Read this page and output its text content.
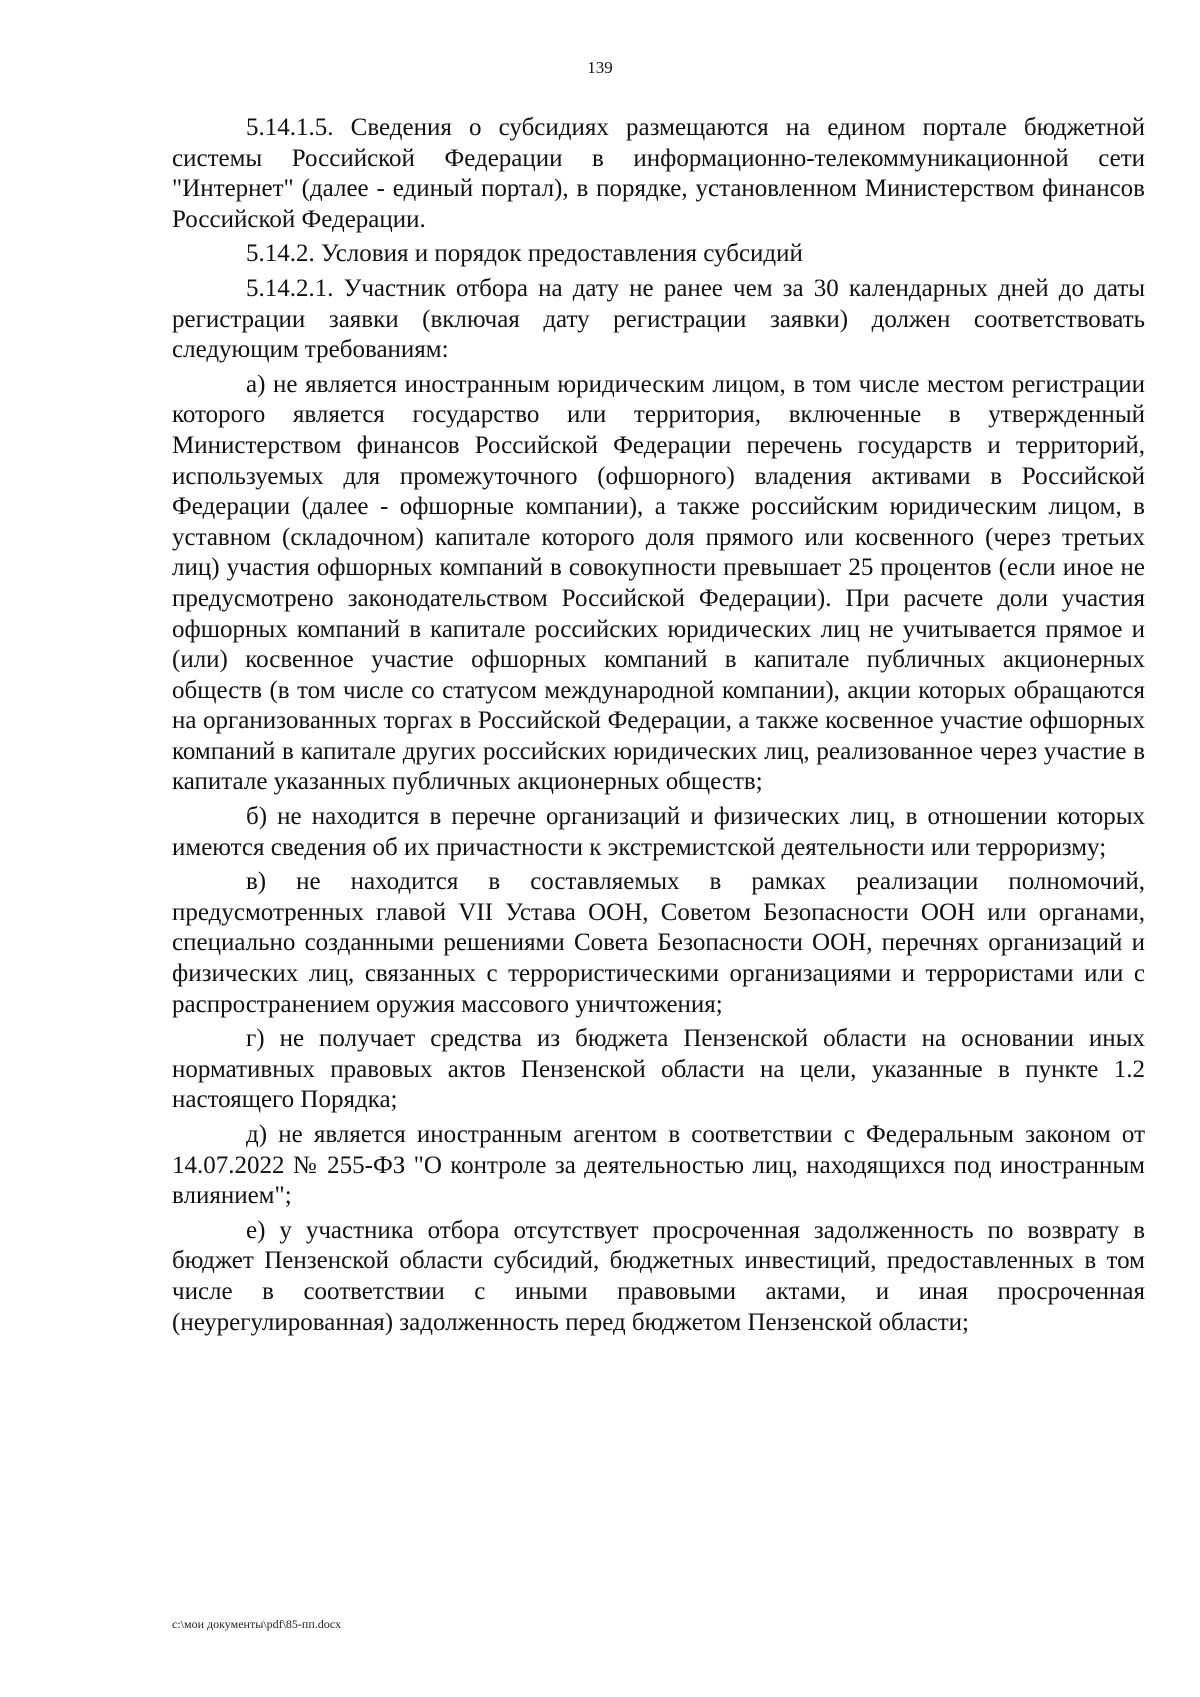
139

5.14.1.5. Сведения о субсидиях размещаются на едином портале бюджетной системы Российской Федерации в информационно-телекоммуникационной сети "Интернет" (далее - единый портал), в порядке, установленном Министерством финансов Российской Федерации.

5.14.2. Условия и порядок предоставления субсидий

5.14.2.1. Участник отбора на дату не ранее чем за 30 календарных дней до даты регистрации заявки (включая дату регистрации заявки) должен соответствовать следующим требованиям:

а) не является иностранным юридическим лицом, в том числе местом регистрации которого является государство или территория, включенные в утвержденный Министерством финансов Российской Федерации перечень государств и территорий, используемых для промежуточного (офшорного) владения активами в Российской Федерации (далее - офшорные компании), а также российским юридическим лицом, в уставном (складочном) капитале которого доля прямого или косвенного (через третьих лиц) участия офшорных компаний в совокупности превышает 25 процентов (если иное не предусмотрено законодательством Российской Федерации). При расчете доли участия офшорных компаний в капитале российских юридических лиц не учитывается прямое и (или) косвенное участие офшорных компаний в капитале публичных акционерных обществ (в том числе со статусом международной компании), акции которых обращаются на организованных торгах в Российской Федерации, а также косвенное участие офшорных компаний в капитале других российских юридических лиц, реализованное через участие в капитале указанных публичных акционерных обществ;

б) не находится в перечне организаций и физических лиц, в отношении которых имеются сведения об их причастности к экстремистской деятельности или терроризму;

в) не находится в составляемых в рамках реализации полномочий, предусмотренных главой VII Устава ООН, Советом Безопасности ООН или органами, специально созданными решениями Совета Безопасности ООН, перечнях организаций и физических лиц, связанных с террористическими организациями и террористами или с распространением оружия массового уничтожения;

г) не получает средства из бюджета Пензенской области на основании иных нормативных правовых актов Пензенской области на цели, указанные в пункте 1.2 настоящего Порядка;

д) не является иностранным агентом в соответствии с Федеральным законом от 14.07.2022 № 255-ФЗ "О контроле за деятельностью лиц, находящихся под иностранным влиянием";

е) у участника отбора отсутствует просроченная задолженность по возврату в бюджет Пензенской области субсидий, бюджетных инвестиций, предоставленных в том числе в соответствии с иными правовыми актами, и иная просроченная (неурегулированная) задолженность перед бюджетом Пензенской области;

c:\мои документы\pdf\85-пп.docx
